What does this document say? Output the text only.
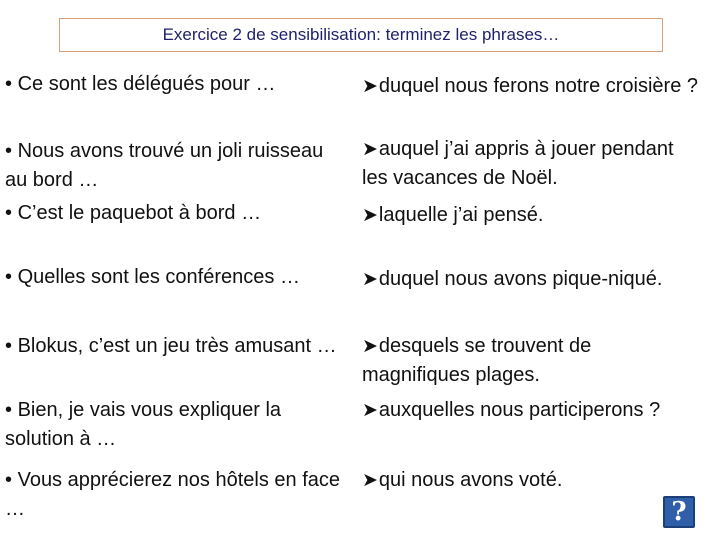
Exercice 2 de sensibilisation: terminez les phrases…
• Ce sont les délégués pour …
• Nous avons trouvé un joli ruisseau au bord …
• C’est le paquebot à bord …
• Quelles sont les conférences …
• Blokus, c’est un jeu très amusant …
• Bien, je vais vous expliquer la solution à …
• Vous apprécierez nos hôtels en face …
➤duquel nous ferons notre croisière ?
➤auquel j’ai appris à jouer pendant les vacances de Noël.
➤laquelle j’ai pensé.
➤duquel nous avons pique-niqué.
➤desquels se trouvent de magnifiques plages.
➤auxquelles nous participerons ?
➤qui nous avons voté.
?
